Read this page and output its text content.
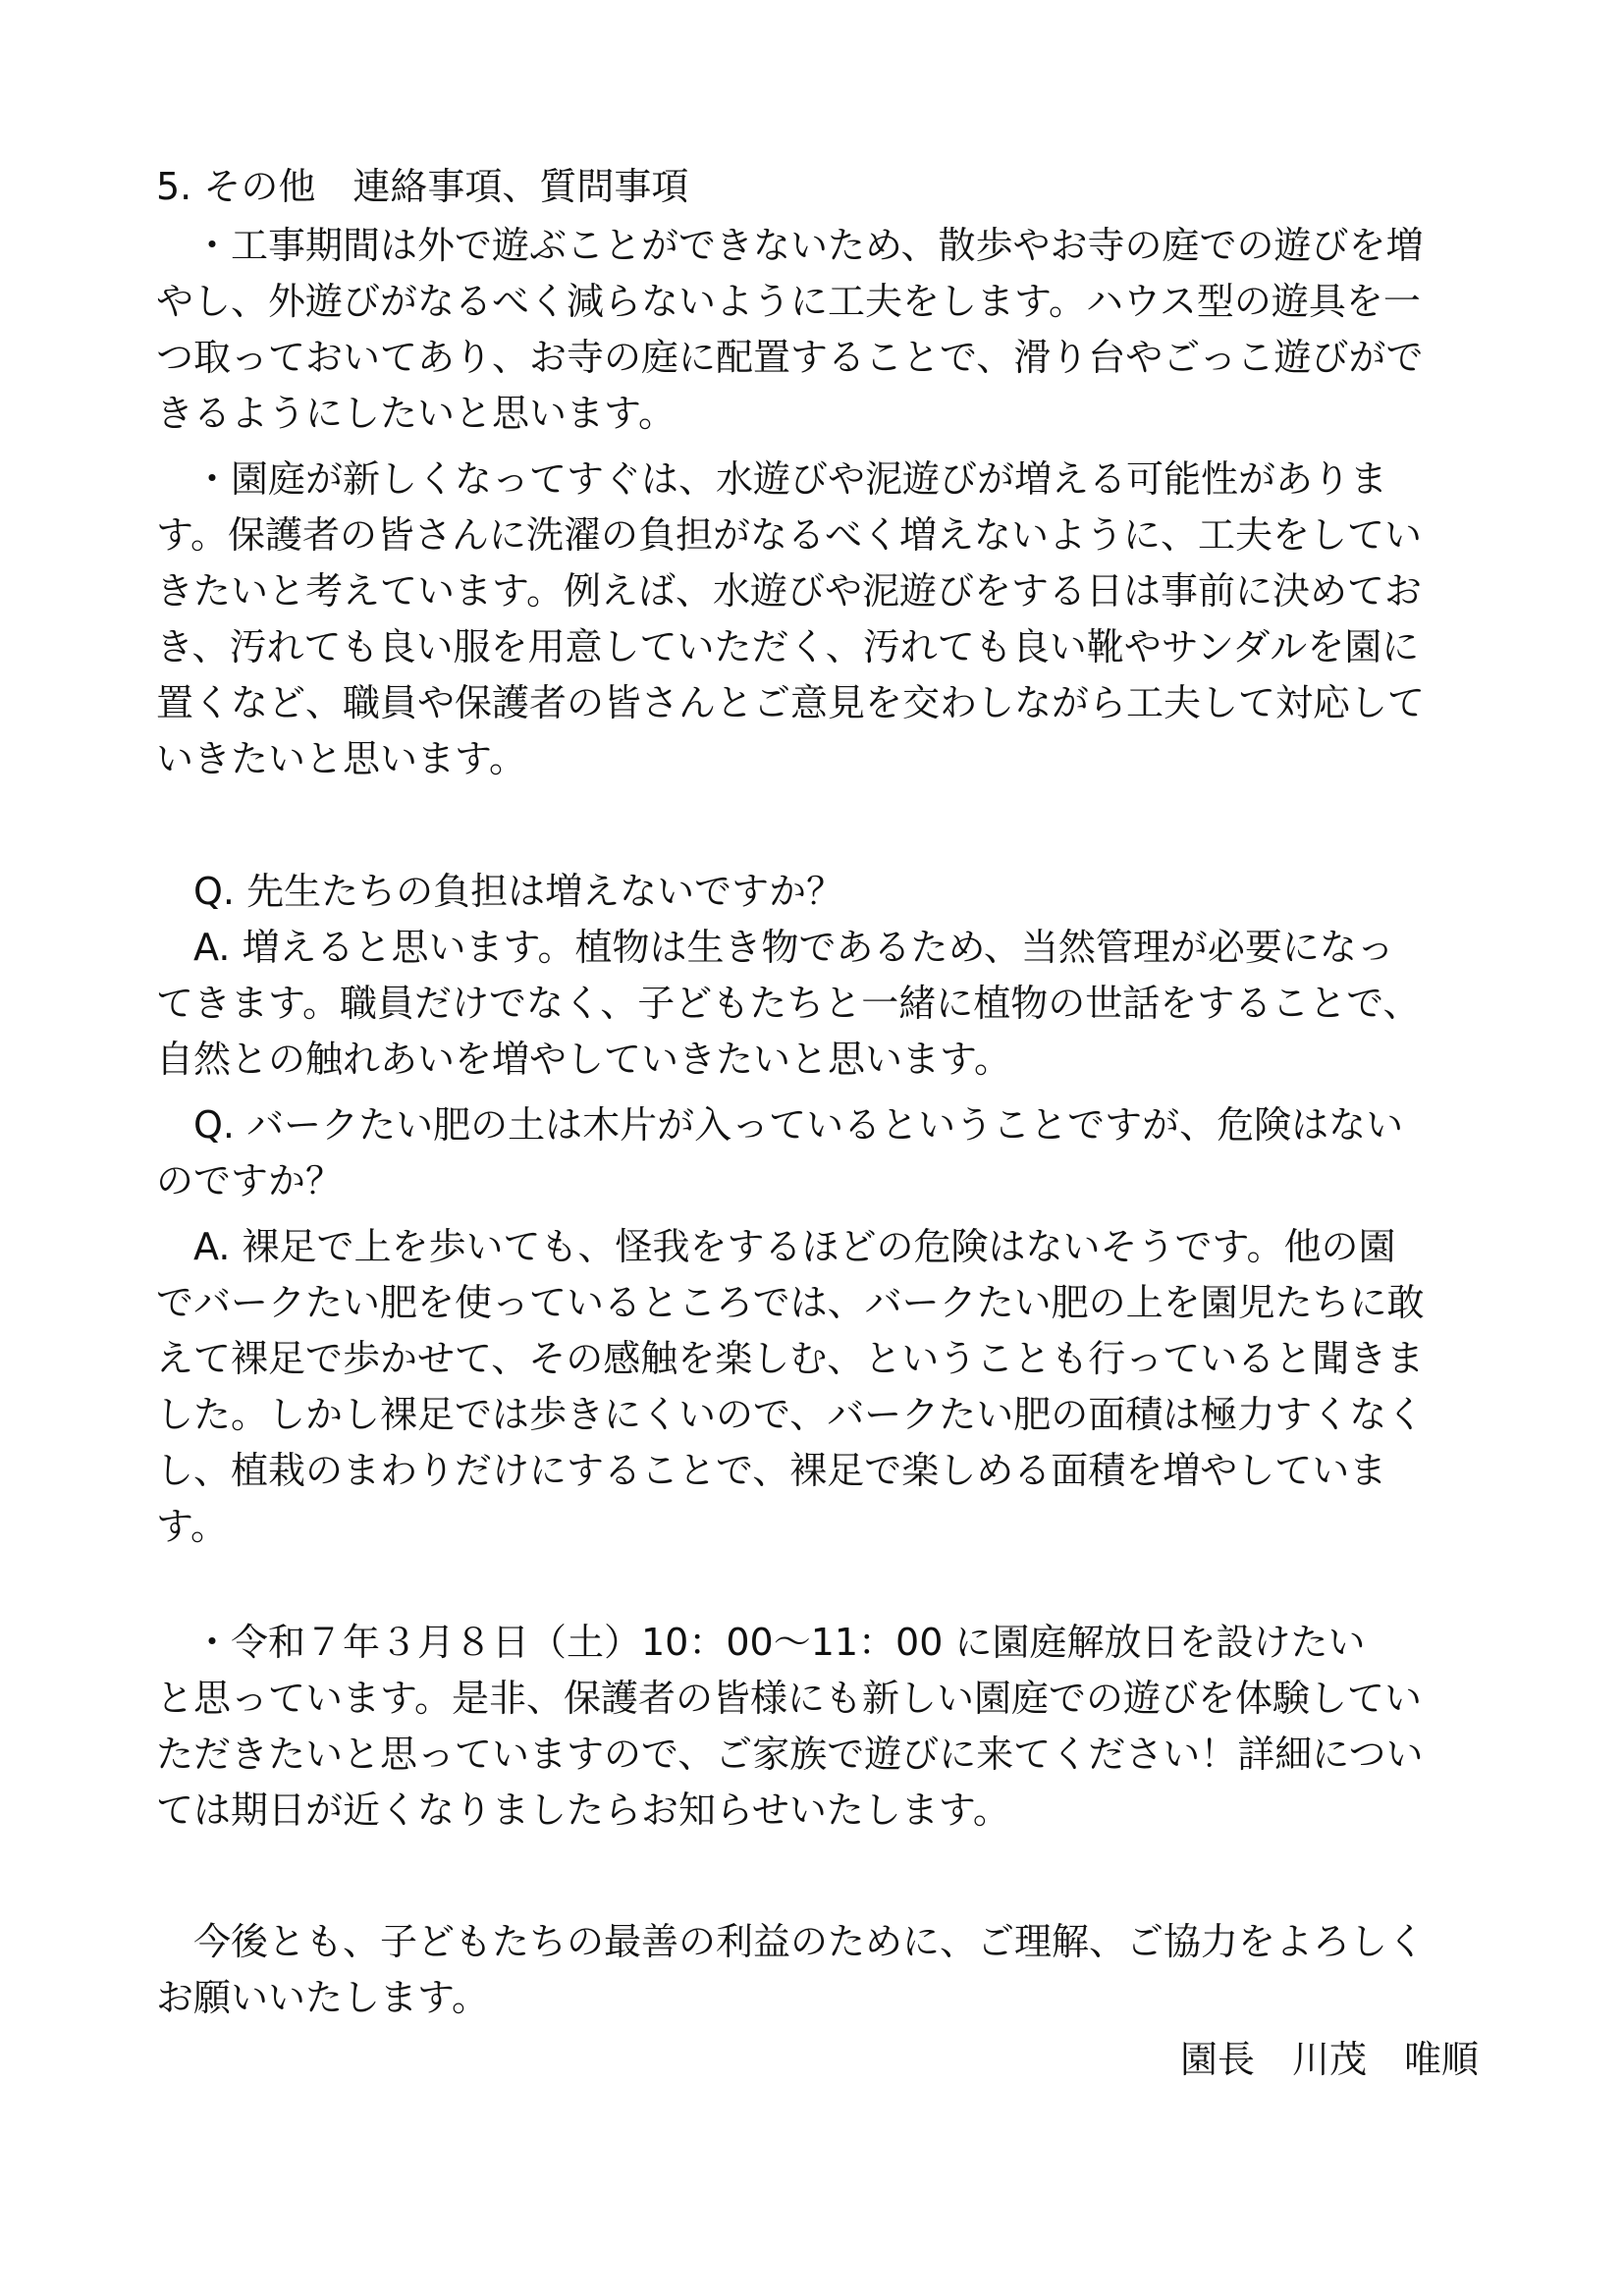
5. その他　連絡事項、質問事項
・工事期間は外で遊ぶことができないため、散歩やお寺の庭での遊びを増
やし、外遊びがなるべく減らないように工夫をします。ハウス型の遊具を一
つ取っておいてあり、お寺の庭に配置することで、滑り台やごっこ遊びがで
きるようにしたいと思います。
・園庭が新しくなってすぐは、水遊びや泥遊びが増える可能性がありま
す。保護者の皆さんに洗濯の負担がなるべく増えないように、工夫をしてい
きたいと考えています。例えば、水遊びや泥遊びをする日は事前に決めてお
き、汚れても良い服を用意していただく、汚れても良い靴やサンダルを園に
置くなど、職員や保護者の皆さんとご意見を交わしながら工夫して対応して
いきたいと思います。
Q. 先生たちの負担は増えないですか？
A. 増えると思います。植物は生き物であるため、当然管理が必要になっ
てきます。職員だけでなく、子どもたちと一緒に植物の世話をすることで、
自然との触れあいを増やしていきたいと思います。
Q. バークたい肥の土は木片が入っているということですが、危険はない
のですか？
A. 裸足で上を歩いても、怪我をするほどの危険はないそうです。他の園
でバークたい肥を使っているところでは、バークたい肥の上を園児たちに敢
えて裸足で歩かせて、その感触を楽しむ、ということも行っていると聞きま
した。しかし裸足では歩きにくいので、バークたい肥の面積は極力すくなく
し、植栽のまわりだけにすることで、裸足で楽しめる面積を増やしていま
す。
・令和７年３月８日（土）10：00～11：00 に園庭解放日を設けたい
と思っています。是非、保護者の皆様にも新しい園庭での遊びを体験してい
ただきたいと思っていますので、ご家族で遊びに来てください！詳細につい
ては期日が近くなりましたらお知らせいたします。
今後とも、子どもたちの最善の利益のために、ご理解、ご協力をよろしく
お願いいたします。
園長　川茂　唯順
